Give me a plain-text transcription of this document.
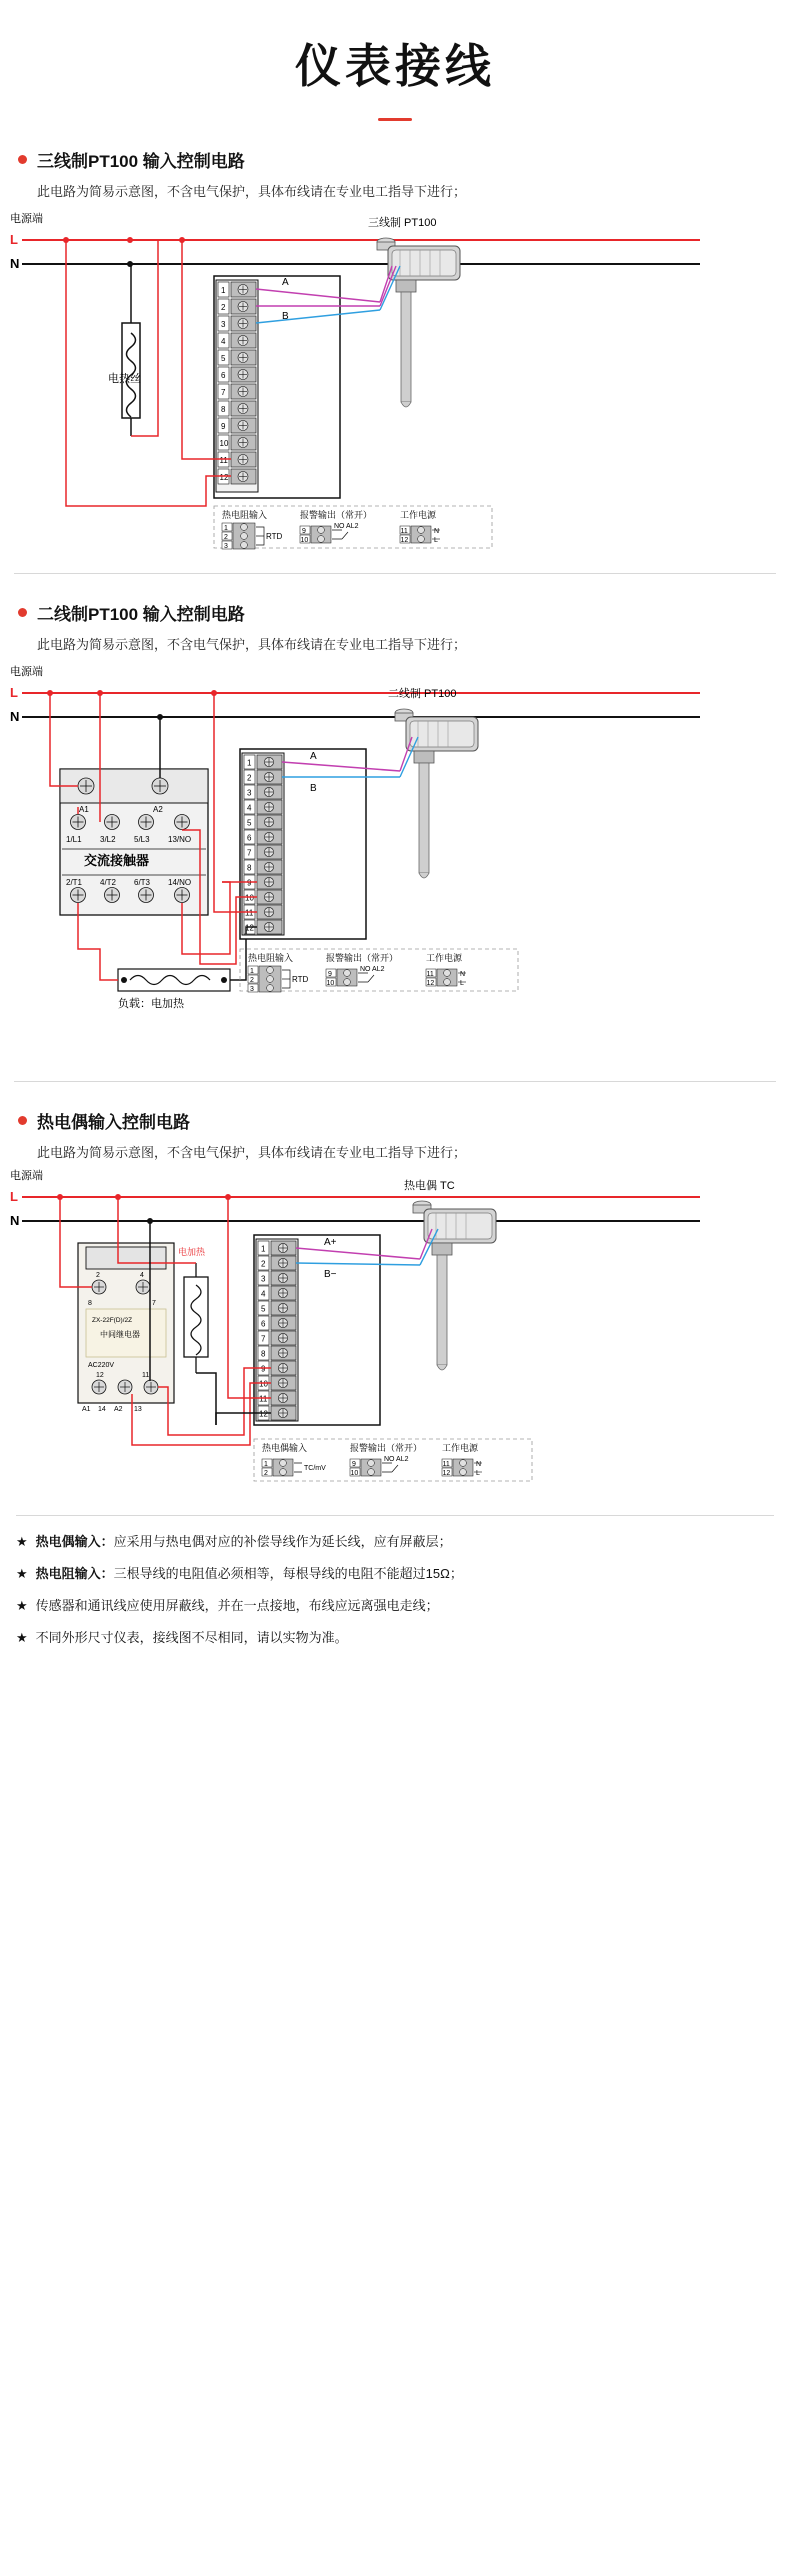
仪表接线
三线制PT100 输入控制电路
此电路为简易示意图，不含电气保护，具体布线请在专业电工指导下进行；
电源端
L
N
电热丝
1
2
3
4
5
6
7
8
9
10
11
12
A
B
三线制 PT100
热电阻输入
1
2
3
RTD
报警输出（常开）
9
10
NO AL2
工作电源
11
12
N
L
二线制PT100 输入控制电路
此电路为简易示意图，不含电气保护，具体布线请在专业电工指导下进行；
电源端
L
N
A1	A2
1/L1 3/L2 5/L3 13/NO
交流接触器
2/T1 4/T2 6/T3 14/NO
负载：电加热
1
2
3
4
5
6
7
8
9
10
11
12
A
B
二线制 PT100
热电阻输入
1
2
3
RTD
报警输出（常开）
9
10
NO AL2
工作电源
11
12
N
L
热电偶输入控制电路
此电路为简易示意图，不含电气保护，具体布线请在专业电工指导下进行；
电源端
L
N
2	4
8	7
ZX-22F(D)/2Z
中间继电器
AC220V
12	11
A1 14 A2 13
电加热	1
2
3
4
5
6
7
8
9
10
11
12
A+
B−
热电偶 TC
热电偶输入
1
2
TC/mV
报警输出（常开）
9
10
NO AL2
工作电源
11
12
N
L
★ 热电偶输入：应采用与热电偶对应的补偿导线作为延长线，应有屏蔽层；
★ 热电阻输入：三根导线的电阻值必须相等，每根导线的电阻不能超过15Ω；
★ 传感器和通讯线应使用屏蔽线，并在一点接地，布线应远离强电走线；
★ 不同外形尺寸仪表，接线图不尽相同，请以实物为准。
